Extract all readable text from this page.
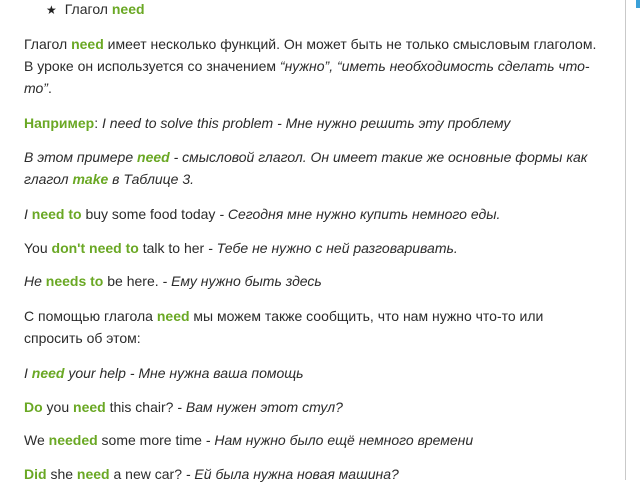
★ Глагол need

Глагол need имеет несколько функций. Он может быть не только смысловым глаголом. В уроке он используется со значением “нужно”, “иметь необходимость сделать что-то”.

Например: I need to solve this problem - Мне нужно решить эту проблему

В этом примере need - смысловой глагол. Он имеет такие же основные формы как глагол make в Таблице 3.

I need to buy some food today - Сегодня мне нужно купить немного еды.

You don't need to talk to her - Тебе не нужно с ней разговаривать.

He needs to be here. - Ему нужно быть здесь

С помощью глагола need мы можем также сообщить, что нам нужно что-то или спросить об этом:

I need your help - Мне нужна ваша помощь

Do you need this chair? - Вам нужен этот стул?

We needed some more time - Нам нужно было ещё немного времени

Did she need a new car? - Ей была нужна новая машина?
